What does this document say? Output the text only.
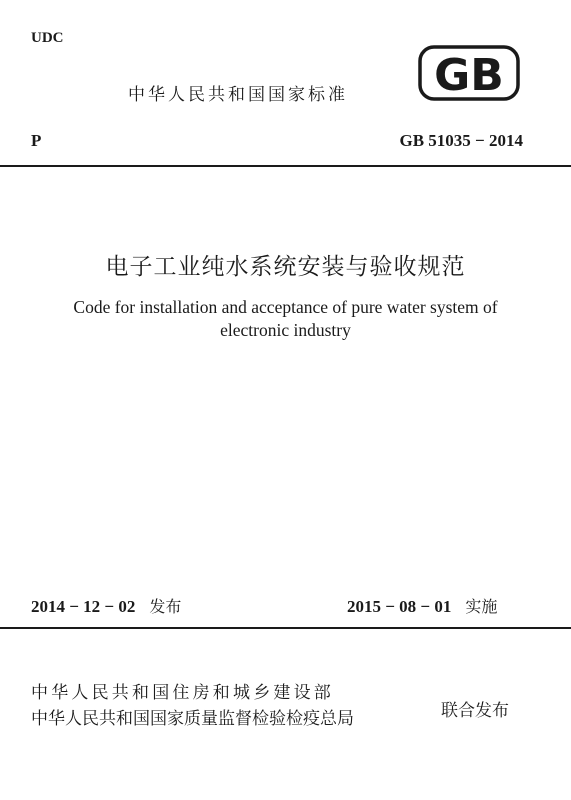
UDC
中华人民共和国国家标准 GB
P	GB 51035 − 2014
电子工业纯水系统安装与验收规范
Code for installation and acceptance of pure water system of
electronic industry
2014 − 12 − 02 发布	2015 − 08 − 01 实施
中华人民共和国住房和城乡建设部
中华人民共和国国家质量监督检验检疫总局	联合发布
